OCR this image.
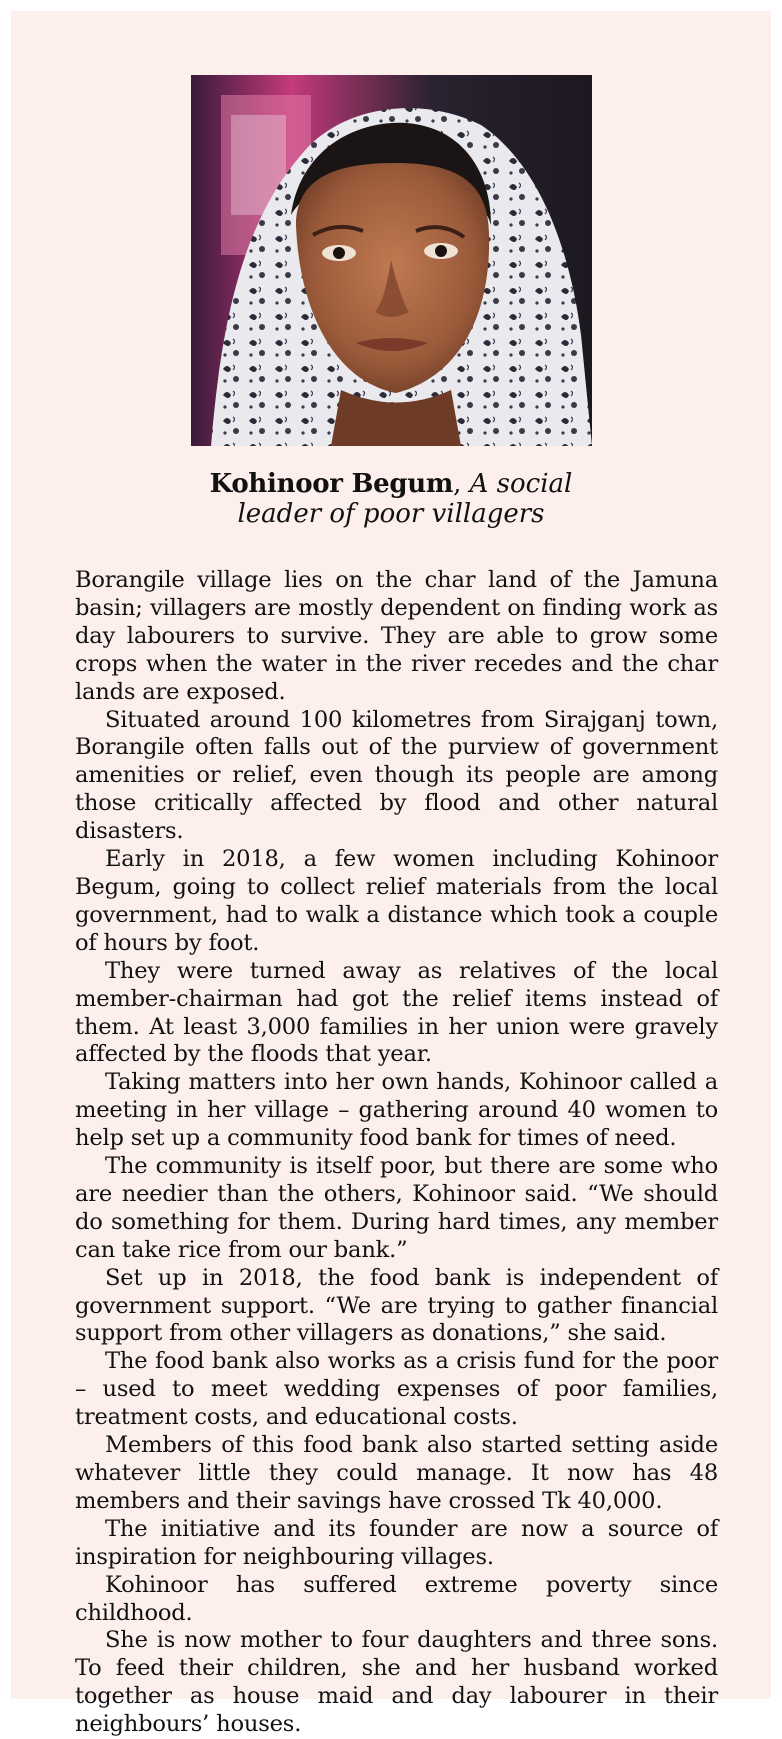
Kohinoor Begum, A social
leader of poor villagers

Borangile village lies on the char land of the Jamuna basin; villagers are mostly dependent on finding work as day labourers to survive. They are able to grow some crops when the water in the river recedes and the char lands are exposed.

Situated around 100 kilometres from Sirajganj town, Borangile often falls out of the purview of government amenities or relief, even though its people are among those critically affected by flood and other natural disasters.

Early in 2018, a few women including Kohinoor Begum, going to collect relief materials from the local government, had to walk a distance which took a couple of hours by foot.

They were turned away as relatives of the local member-chairman had got the relief items instead of them. At least 3,000 families in her union were gravely affected by the floods that year.

Taking matters into her own hands, Kohinoor called a meeting in her village – gathering around 40 women to help set up a community food bank for times of need.

The community is itself poor, but there are some who are needier than the others, Kohinoor said. “We should do something for them. During hard times, any member can take rice from our bank.”

Set up in 2018, the food bank is independent of government support. “We are trying to gather financial support from other villagers as donations,” she said.

The food bank also works as a crisis fund for the poor – used to meet wedding expenses of poor families, treatment costs, and educational costs.

Members of this food bank also started setting aside whatever little they could manage. It now has 48 members and their savings have crossed Tk 40,000.

The initiative and its founder are now a source of inspiration for neighbouring villages.

Kohinoor has suffered extreme poverty since childhood.

She is now mother to four daughters and three sons. To feed their children, she and her husband worked together as house maid and day labourer in their neighbours’ houses.
